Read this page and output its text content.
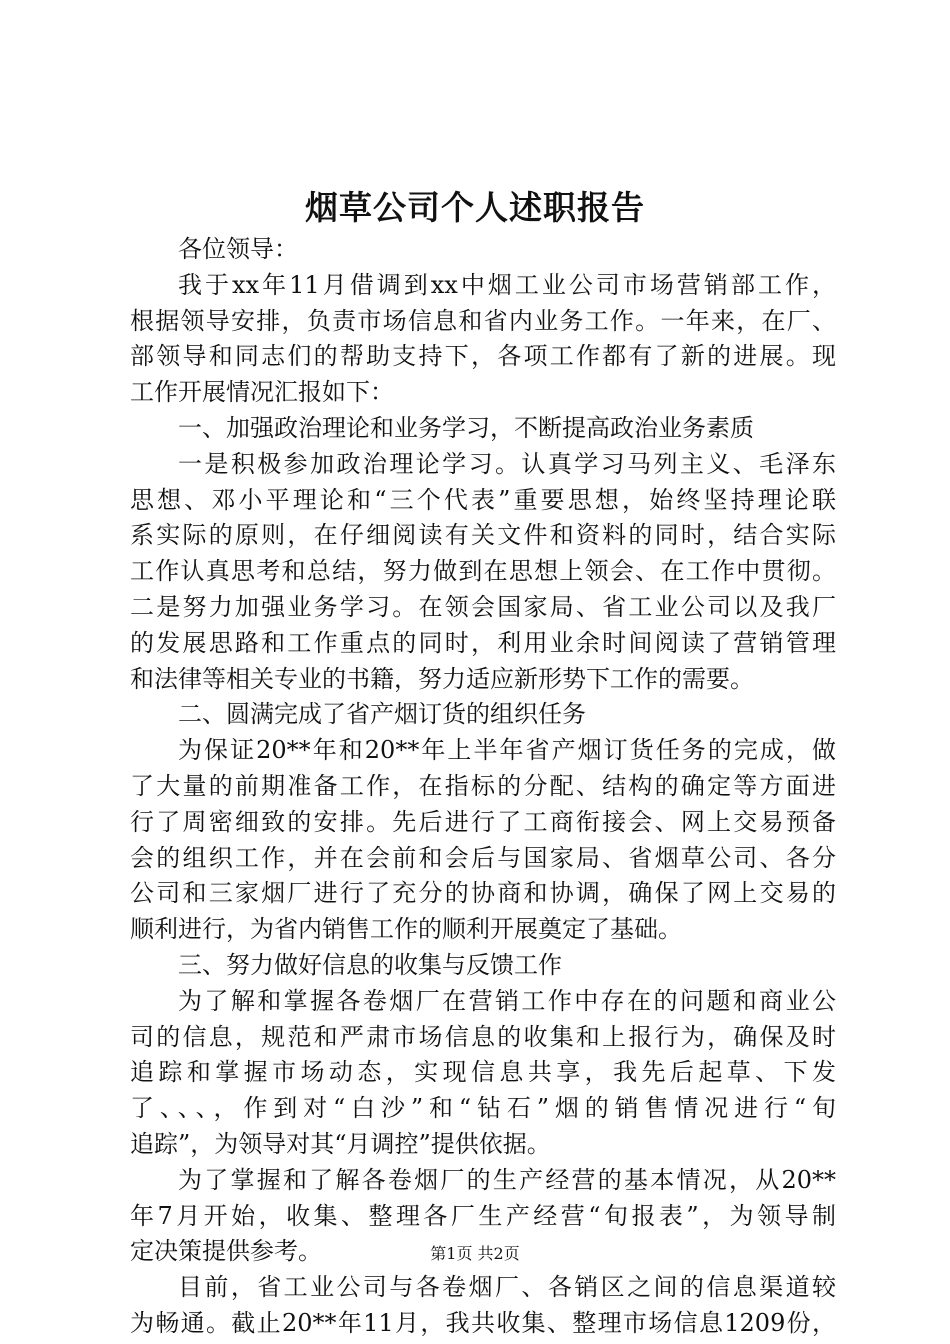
烟草公司个人述职报告
各位领导：
我于xx年11月借调到xx中烟工业公司市场营销部工作，
根据领导安排，负责市场信息和省内业务工作。一年来，在厂、
部领导和同志们的帮助支持下，各项工作都有了新的进展。现
工作开展情况汇报如下：
一、加强政治理论和业务学习，不断提高政治业务素质
一是积极参加政治理论学习。认真学习马列主义、毛泽东
思想、邓小平理论和“三个代表”重要思想，始终坚持理论联
系实际的原则，在仔细阅读有关文件和资料的同时，结合实际
工作认真思考和总结，努力做到在思想上领会、在工作中贯彻。
二是努力加强业务学习。在领会国家局、省工业公司以及我厂
的发展思路和工作重点的同时，利用业余时间阅读了营销管理
和法律等相关专业的书籍，努力适应新形势下工作的需要。
二、圆满完成了省产烟订货的组织任务
为保证20**年和20**年上半年省产烟订货任务的完成，做
了大量的前期准备工作，在指标的分配、结构的确定等方面进
行了周密细致的安排。先后进行了工商衔接会、网上交易预备
会的组织工作，并在会前和会后与国家局、省烟草公司、各分
公司和三家烟厂进行了充分的协商和协调，确保了网上交易的
顺利进行，为省内销售工作的顺利开展奠定了基础。
三、努力做好信息的收集与反馈工作
为了解和掌握各卷烟厂在营销工作中存在的问题和商业公
司的信息，规范和严肃市场信息的收集和上报行为，确保及时
追踪和掌握市场动态，实现信息共享，我先后起草、下发
了、、、，作到对“白沙”和“钻石”烟的销售情况进行“旬
追踪”，为领导对其“月调控”提供依据。
为了掌握和了解各卷烟厂的生产经营的基本情况，从20**
年7月开始，收集、整理各厂生产经营“旬报表”，为领导制
定决策提供参考。
目前，省工业公司与各卷烟厂、各销区之间的信息渠道较
为畅通。截止20**年11月，我共收集、整理市场信息1209份，
第1页 共2页
